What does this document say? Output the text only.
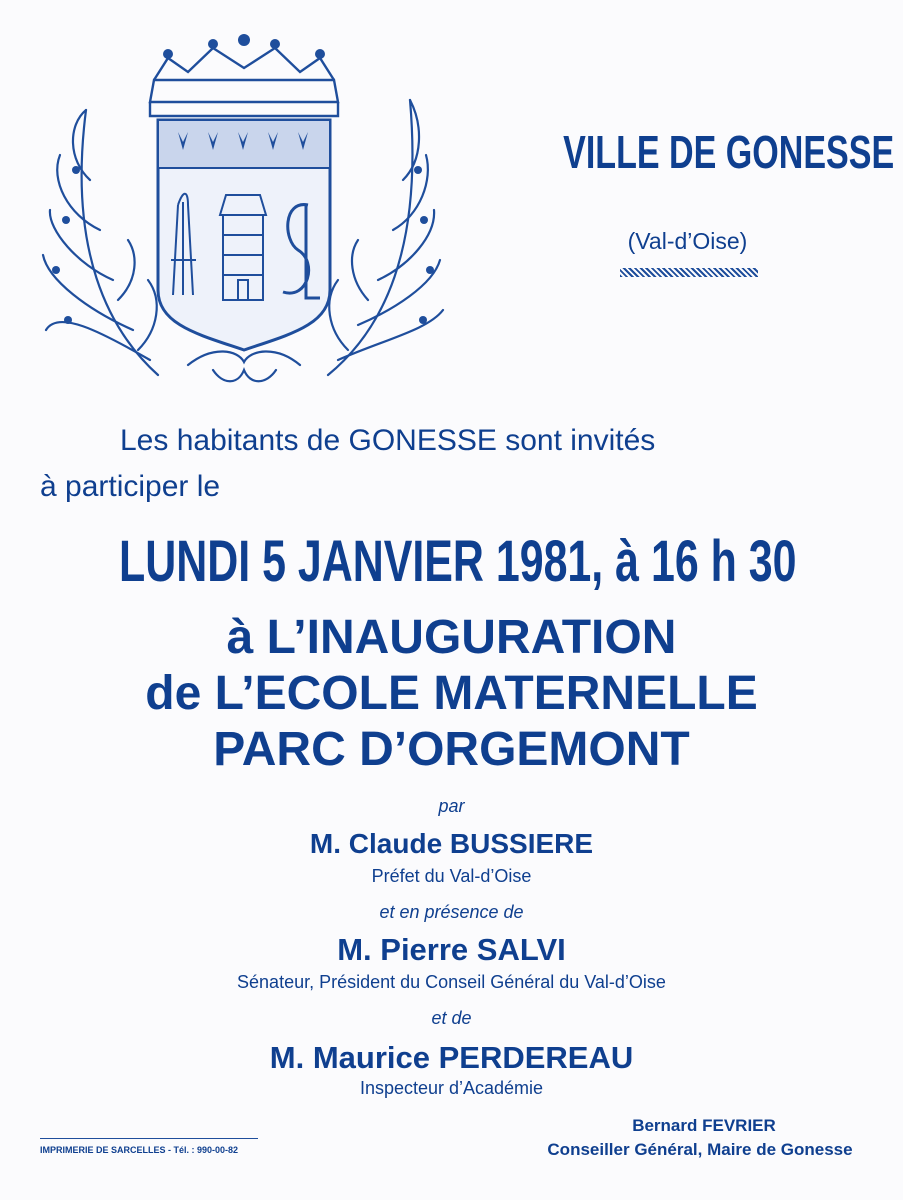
VILLE DE GONESSE
(Val-d’Oise)
Les habitants de GONESSE sont invités
à participer le
LUNDI 5 JANVIER 1981, à 16 h 30
à L’INAUGURATION
de L’ECOLE MATERNELLE
PARC D’ORGEMONT
par
M. Claude BUSSIERE
Préfet du Val-d’Oise
et en présence de
M. Pierre SALVI
Sénateur, Président du Conseil Général du Val-d’Oise
et de
M. Maurice PERDEREAU
Inspecteur d’Académie
Bernard FEVRIER
Conseiller Général, Maire de Gonesse
IMPRIMERIE DE SARCELLES - Tél. : 990-00-82
